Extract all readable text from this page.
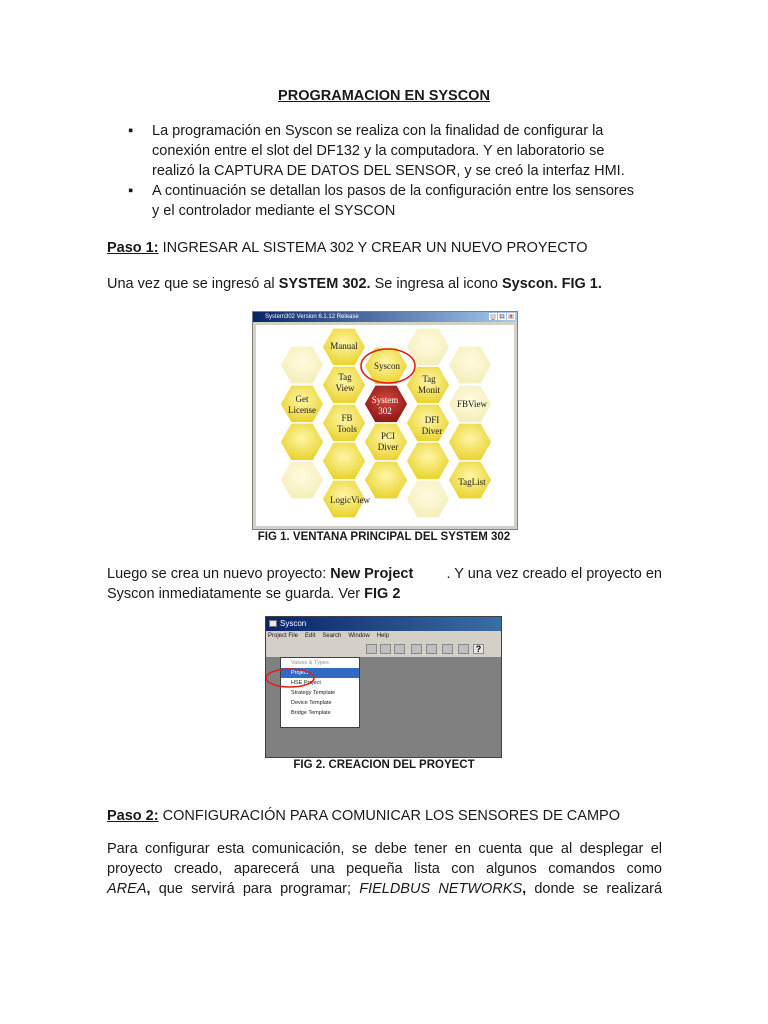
PROGRAMACION EN SYSCON
▪ La programación en Syscon se realiza con la finalidad de configurar la
conexión entre el slot del DF132 y la computadora. Y en laboratorio se
realizó la CAPTURA DE DATOS DEL SENSOR, y se creó la interfaz HMI.
▪ A continuación se detallan los pasos de la configuración entre los sensores
y el controlador mediante el SYSCON
Paso 1: INGRESAR AL SISTEMA 302 Y CREAR UN NUEVO PROYECTO
Una vez que se ingresó al SYSTEM 302. Se ingresa al icono Syscon. FIG 1.
System302 Version 6.1.12 Release	_ □ x
Manual
Syscon
Tag
View
Tag
Monit
Get
License
System
302
FBView
FB
Tools
DFI
Diver
PCI
Diver
TagList
LogicView
FIG 1. VENTANA PRINCIPAL DEL SYSTEM 302
Luego se crea un nuevo proyecto: New Project . Y una vez creado el proyecto en
Syscon inmediatamente se guarda. Ver FIG 2
Syscon
Project File Edit Search Window Help
?
Values & Types
Project
HSE Project
Strategy Template
Device Template
Bridge Template
FIG 2. CREACION DEL PROYECT
Paso 2: CONFIGURACIÓN PARA COMUNICAR LOS SENSORES DE CAMPO
Para configurar esta comunicación, se debe tener en cuenta que al desplegar el
proyecto creado, aparecerá una pequeña lista con algunos comandos como
AREA, que servirá para programar; FIELDBUS NETWORKS, donde se realizará
